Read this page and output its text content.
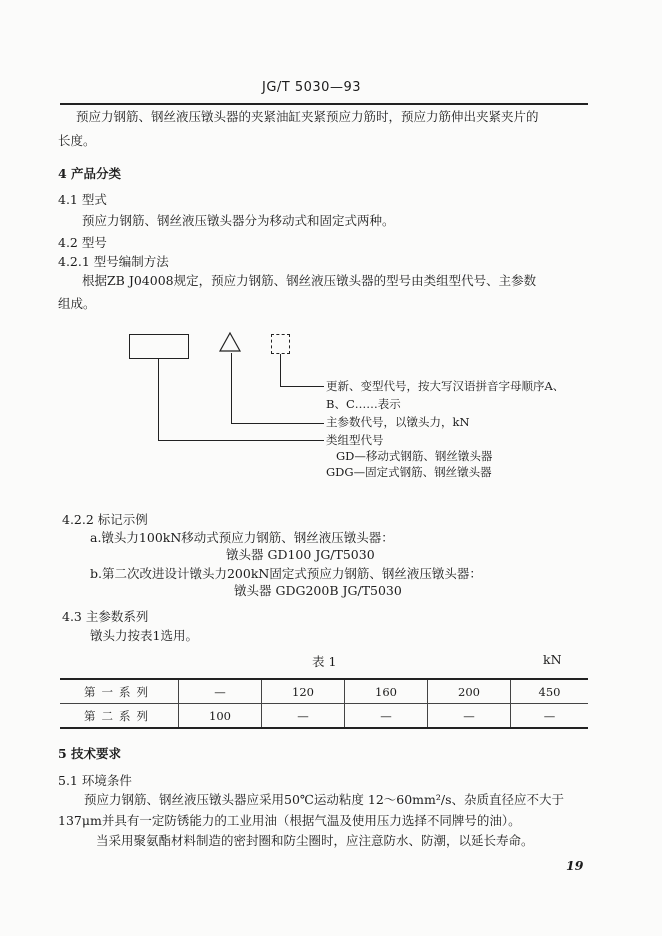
JG/T 5030—93
预应力钢筋、钢丝液压镦头器的夹紧油缸夹紧预应力筋时，预应力筋伸出夹紧夹片的
长度。
4 产品分类
4.1 型式
预应力钢筋、钢丝液压镦头器分为移动式和固定式两种。
4.2 型号
4.2.1 型号编制方法
根据ZB J04008规定，预应力钢筋、钢丝液压镦头器的型号由类组型代号、主参数
组成。
更新、变型代号，按大写汉语拼音字母顺序A、
B、C……表示
主参数代号，以镦头力，kN
类组型代号
GD—移动式钢筋、钢丝镦头器
GDG—固定式钢筋、钢丝镦头器
4.2.2 标记示例
a.镦头力100kN移动式预应力钢筋、钢丝液压镦头器：
镦头器 GD100 JG/T5030
b.第二次改进设计镦头力200kN固定式预应力钢筋、钢丝液压镦头器：
镦头器 GDG200B JG/T5030
4.3 主参数系列
镦头力按表1选用。
表 1	kN
第一系列	—	120	160	200	450
第二系列	100	—	—	—	—
5 技术要求
5.1 环境条件
预应力钢筋、钢丝液压镦头器应采用50℃运动粘度 12～60mm²/s、杂质直径应不大于
137μm并具有一定防锈能力的工业用油（根据气温及使用压力选择不同牌号的油）。
当采用聚氨酯材料制造的密封圈和防尘圈时，应注意防水、防潮，以延长寿命。
19
